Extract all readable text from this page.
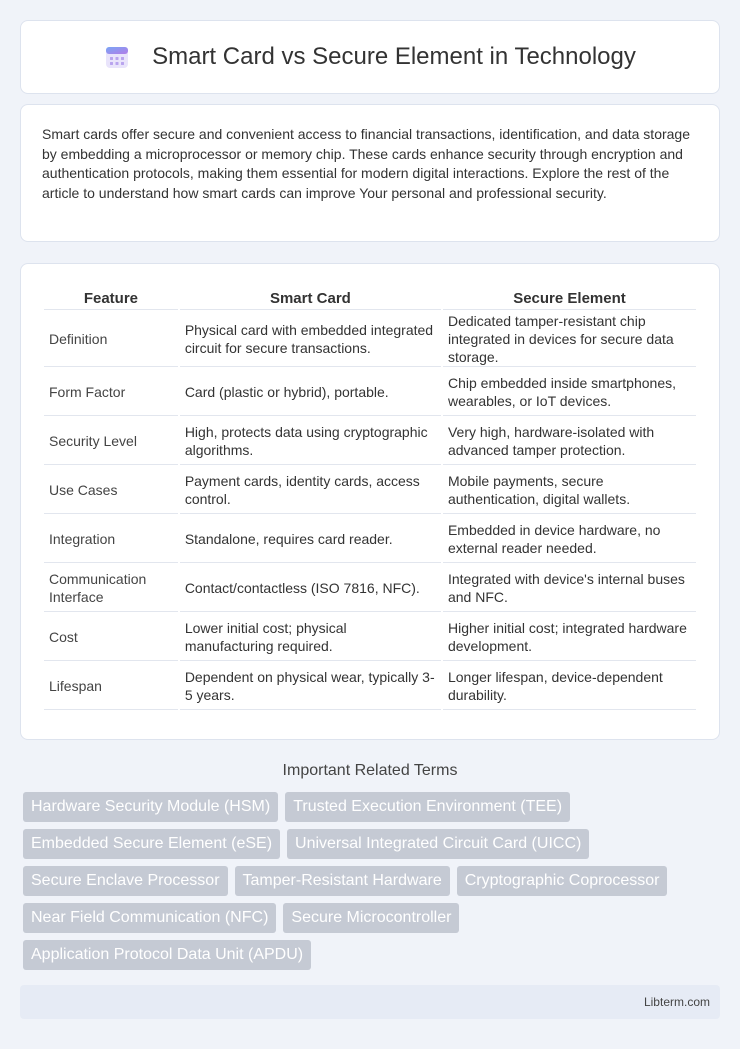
Smart Card vs Secure Element in Technology

Smart cards offer secure and convenient access to financial transactions, identification, and data storage by embedding a microprocessor or memory chip. These cards enhance security through encryption and authentication protocols, making them essential for modern digital interactions. Explore the rest of the article to understand how smart cards can improve Your personal and professional security.

Feature	Smart Card	Secure Element
Definition	Physical card with embedded integrated circuit for secure transactions.	Dedicated tamper-resistant chip integrated in devices for secure data storage.
Form Factor	Card (plastic or hybrid), portable.	Chip embedded inside smartphones, wearables, or IoT devices.
Security Level	High, protects data using cryptographic algorithms.	Very high, hardware-isolated with advanced tamper protection.
Use Cases	Payment cards, identity cards, access control.	Mobile payments, secure authentication, digital wallets.
Integration	Standalone, requires card reader.	Embedded in device hardware, no external reader needed.
Communication Interface	Contact/contactless (ISO 7816, NFC).	Integrated with device's internal buses and NFC.
Cost	Lower initial cost; physical manufacturing required.	Higher initial cost; integrated hardware development.
Lifespan	Dependent on physical wear, typically 3-5 years.	Longer lifespan, device-dependent durability.
Important Related Terms
Hardware Security Module (HSM)	Trusted Execution Environment (TEE)
Embedded Secure Element (eSE)	Universal Integrated Circuit Card (UICC)
Secure Enclave Processor	Tamper-Resistant Hardware	Cryptographic Coprocessor
Near Field Communication (NFC)	Secure Microcontroller
Application Protocol Data Unit (APDU)
Libterm.com
